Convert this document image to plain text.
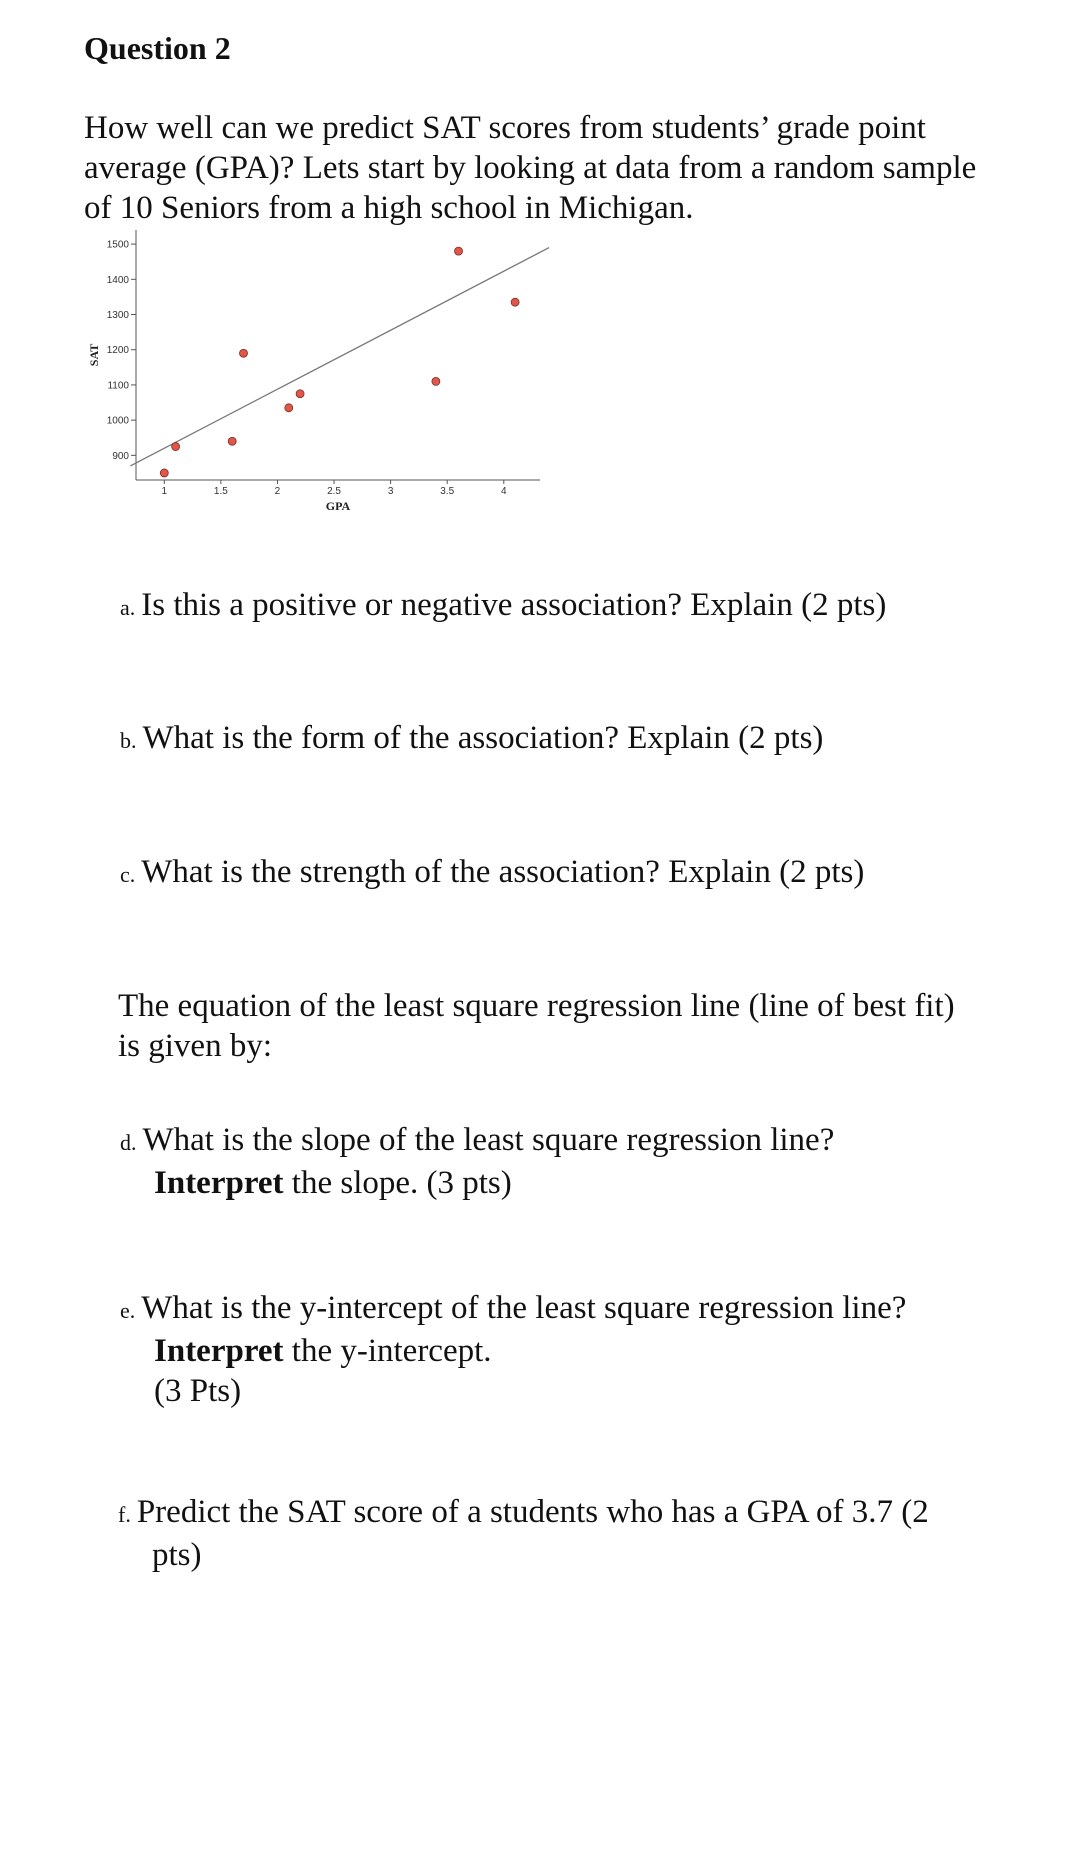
Question 2

How well can we predict SAT scores from students’ grade point average (GPA)? Lets start by looking at data from a random sample of 10 Seniors from a high school in Michigan.

900
1000
1100
1200
1300
1400
1500
1	1.5	2	2.5	3	3.5	4
GPA
SAT

a. Is this a positive or negative association? Explain (2 pts)

b. What is the form of the association? Explain (2 pts)

c. What is the strength of the association? Explain (2 pts)

The equation of the least square regression line (line of best fit) is given by:

d. What is the slope of the least square regression line?
Interpret the slope. (3 pts)

e. What is the y-intercept of the least square regression line?
Interpret the y-intercept.
(3 Pts)

f. Predict the SAT score of a students who has a GPA of 3.7 (2
pts)
